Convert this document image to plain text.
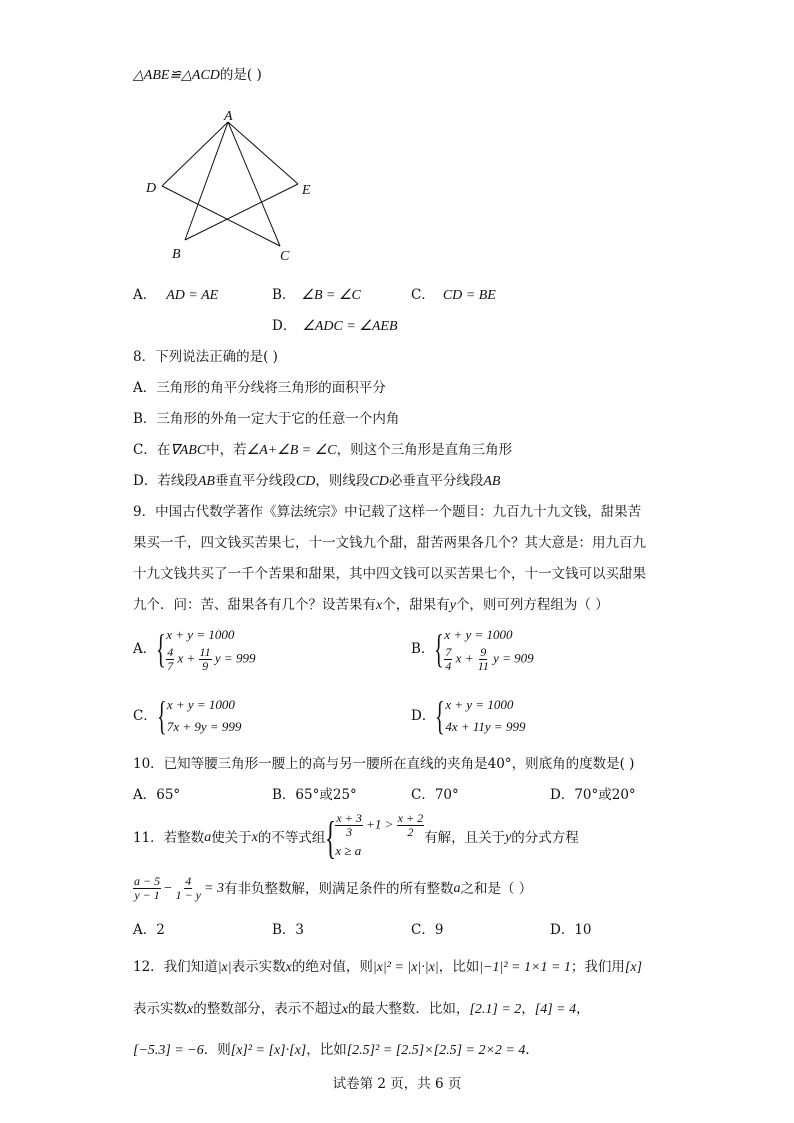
△ABE≌△ACD的是( )
A
D	E
B	C
A． AD = AE	B． ∠B = ∠C	C． CD = BE
D． ∠ADC = ∠AEB
8．下列说法正确的是( )
A．三角形的角平分线将三角形的面积平分
B．三角形的外角一定大于它的任意一个内角
C．在∇ABC中，若∠A+∠B = ∠C，则这个三角形是直角三角形
D．若线段AB垂直平分线段CD，则线段CD必垂直平分线段AB
9．中国古代数学著作《算法统宗》中记载了这样一个题目：九百九十九文钱，甜果苦
果买一千，四文钱买苦果七，十一文钱九个甜，甜苦两果各几个？其大意是：用九百九
十九文钱共买了一千个苦果和甜果，其中四文钱可以买苦果七个，十一文钱可以买甜果
九个．问：苦、甜果各有几个？设苦果有x个，甜果有y个，则可列方程组为（ ）
A． { x + y = 1000
$\frac{4}{7}$ $x + \frac{11}{9}$ y = 999
B． { x + y = 1000
$\frac{7}{4}$ $x + \frac{9}{11}$ y = 909
C． { x + y = 1000
7x + 9y = 999
D． { x + y = 1000
4x + 11y = 999
10．已知等腰三角形一腰上的高与另一腰所在直线的夹角是40°，则底角的度数是( )
A．65°	B．65°或25°	C．70°	D．70°或20°
11．若整数 a 使关于 x 的不等式组 {
$\frac{x + 3}{3} +1 > \frac{x + 2}{2}$
x ≥ a
有解，且关于 y 的分式方程
$\frac{a - 5}{y - 1} - \frac{4}{1 - y} = 3$ 有非负整数解，则满足条件的所有整数 a 之和是（ ）
A．2	B．3	C．9	D．10
12．我们知道|x|表示实数x的绝对值，则|x|² = |x|·|x|，比如|−1|² = 1×1 = 1；我们用[x]
表示实数x的整数部分，表示不超过x的最大整数．比如，[2.1] = 2，[4] = 4，
[−5.3] = −6．则[x]² = [x]·[x]，比如[2.5]² = [2.5]×[2.5] = 2×2 = 4．
试卷第 2 页，共 6 页
